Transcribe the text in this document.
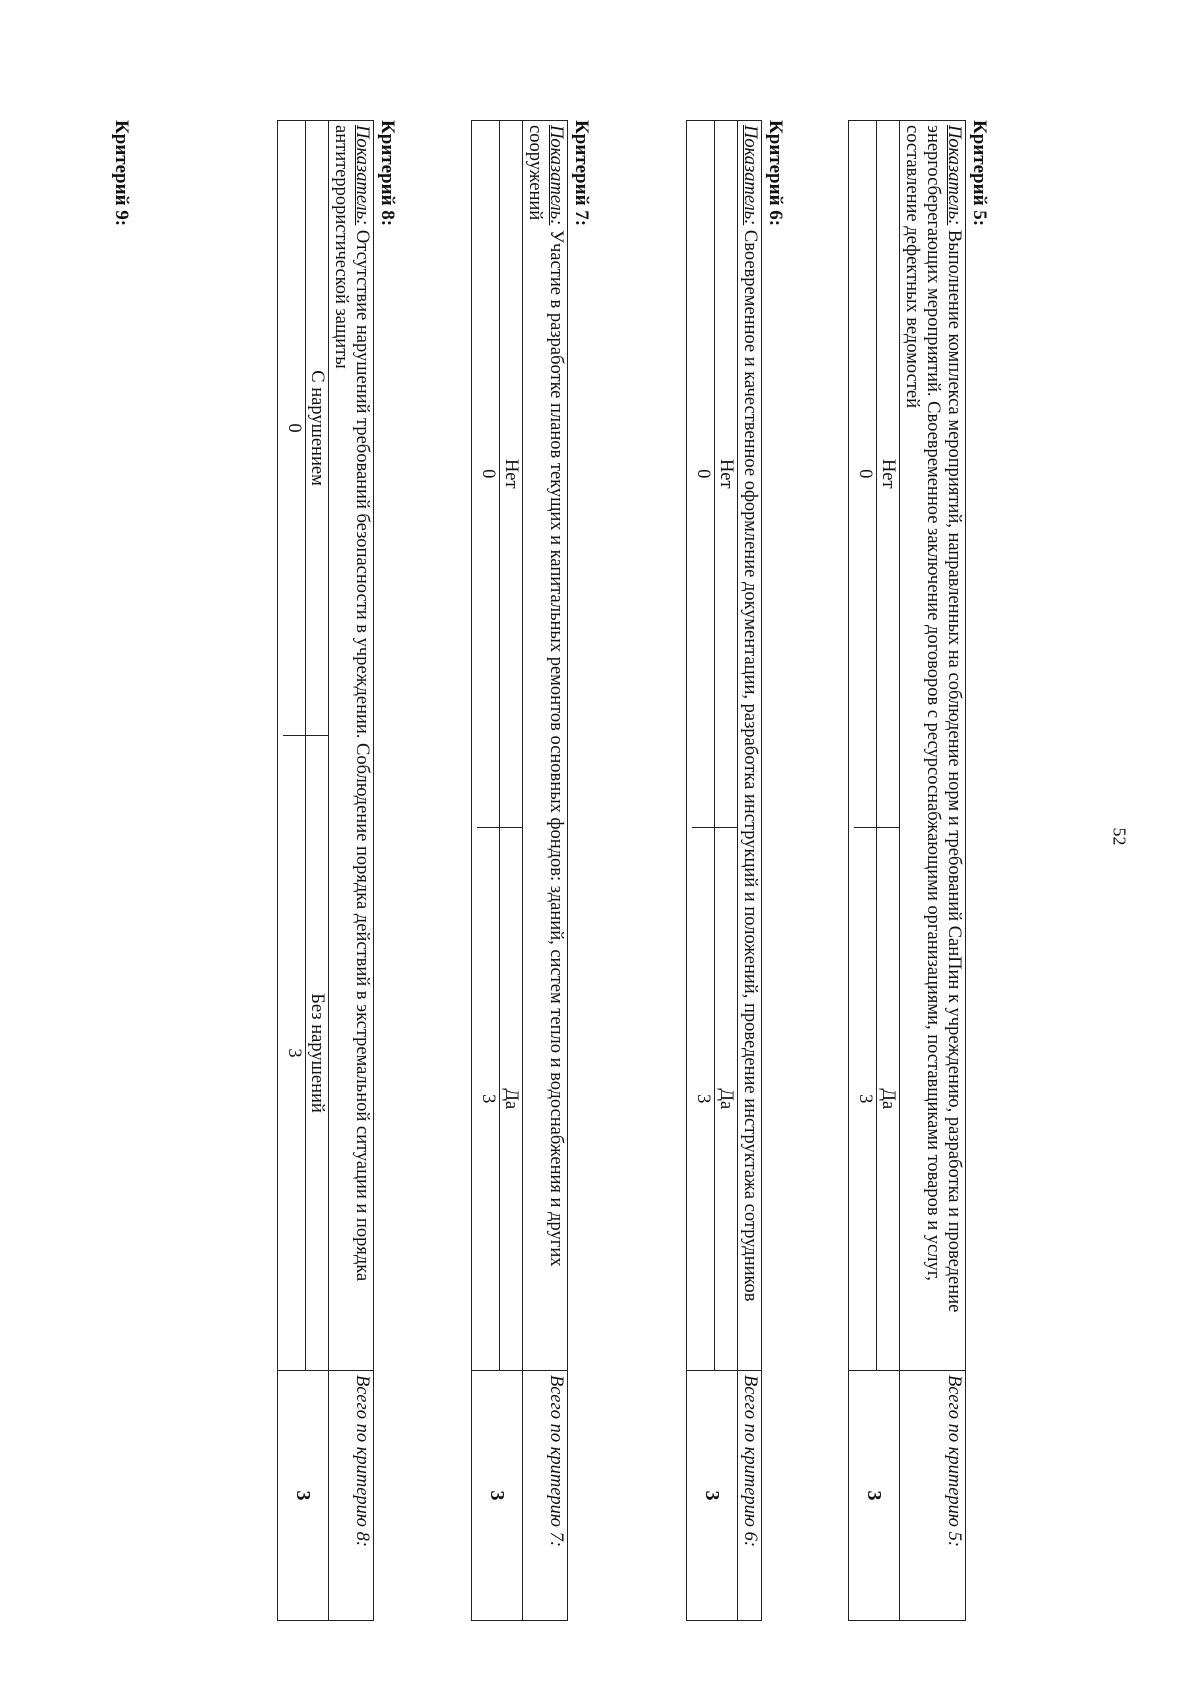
52
Критерий 5:
Показатель: Выполнение комплекса мероприятий, направленных на соблюдение норм и требований СанПин к учреждению, разработка и проведение энергосберегающих мероприятий. Своевременное заключение договоров с ресурсоснабжающими организациями, поставщиками товаров и услуг, составление дефектных ведомостей	Всего по критерию 5:

Нет	Да
0	3
	3
Критерий 6:
Показатель: Своевременное и качественное оформление документации, разработка инструкций и положений, проведение инструктажа сотрудников	Всего по критерию 6:

Нет	Да
0	3
	3
Критерий 7:
Показатель: Участие в разработке планов текущих и капитальных ремонтов основных фондов: зданий, систем тепло и водоснабжения и других сооружений	Всего по критерию 7:

Нет	Да
0	3
	3
Критерий 8:
Показатель: Отсутствие нарушений требований безопасности в учреждении. Соблюдение порядка действий в экстремальной ситуации и порядка антитеррористической защиты	Всего по критерию 8:

С нарушением	Без нарушений
0	3
	3
Критерий 9:
